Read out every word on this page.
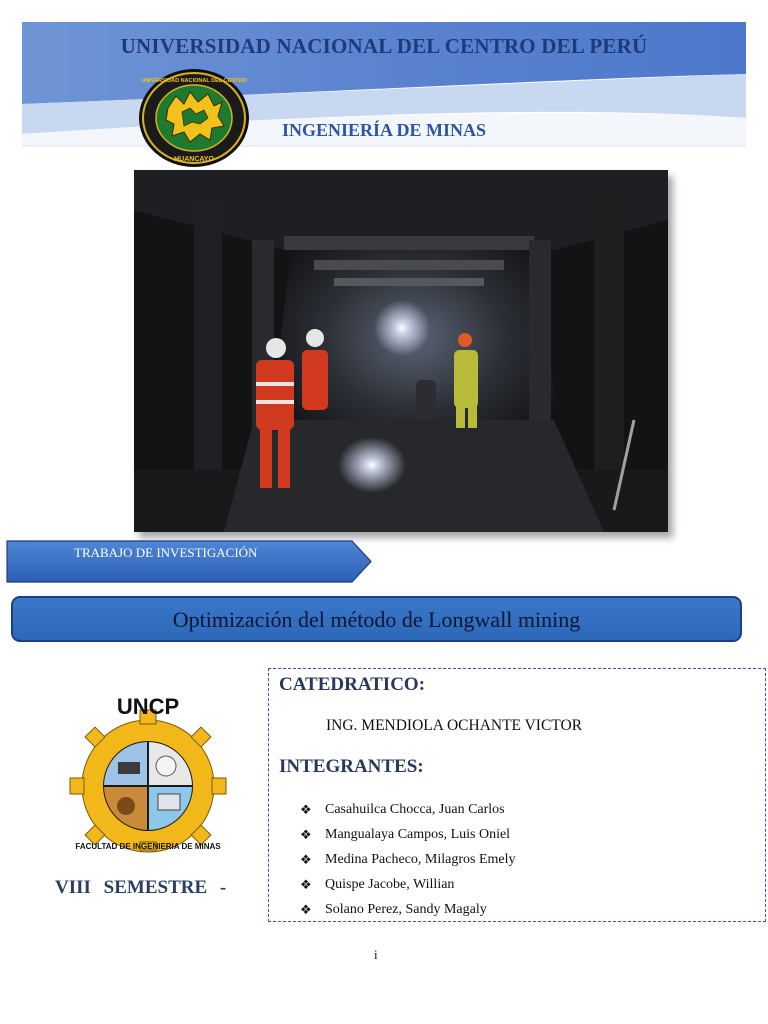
UNIVERSIDAD NACIONAL DEL CENTRO DEL PERÚ
UNIVERSIDAD NACIONAL DEL CENTRO
HUANCAYO
INGENIERÍA DE MINAS
TRABAJO DE INVESTIGACIÓN
Optimización del método de Longwall mining
UNCP
FACULTAD DE INGENIERIA DE MINAS
VIII SEMESTRE -
CATEDRATICO:
ING. MENDIOLA OCHANTE VICTOR
INTEGRANTES:
❖ Casahuilca Chocca, Juan Carlos
❖ Mangualaya Campos, Luis Oniel
❖ Medina Pacheco, Milagros Emely
❖ Quispe Jacobe, Willian
❖ Solano Perez, Sandy Magaly
i
